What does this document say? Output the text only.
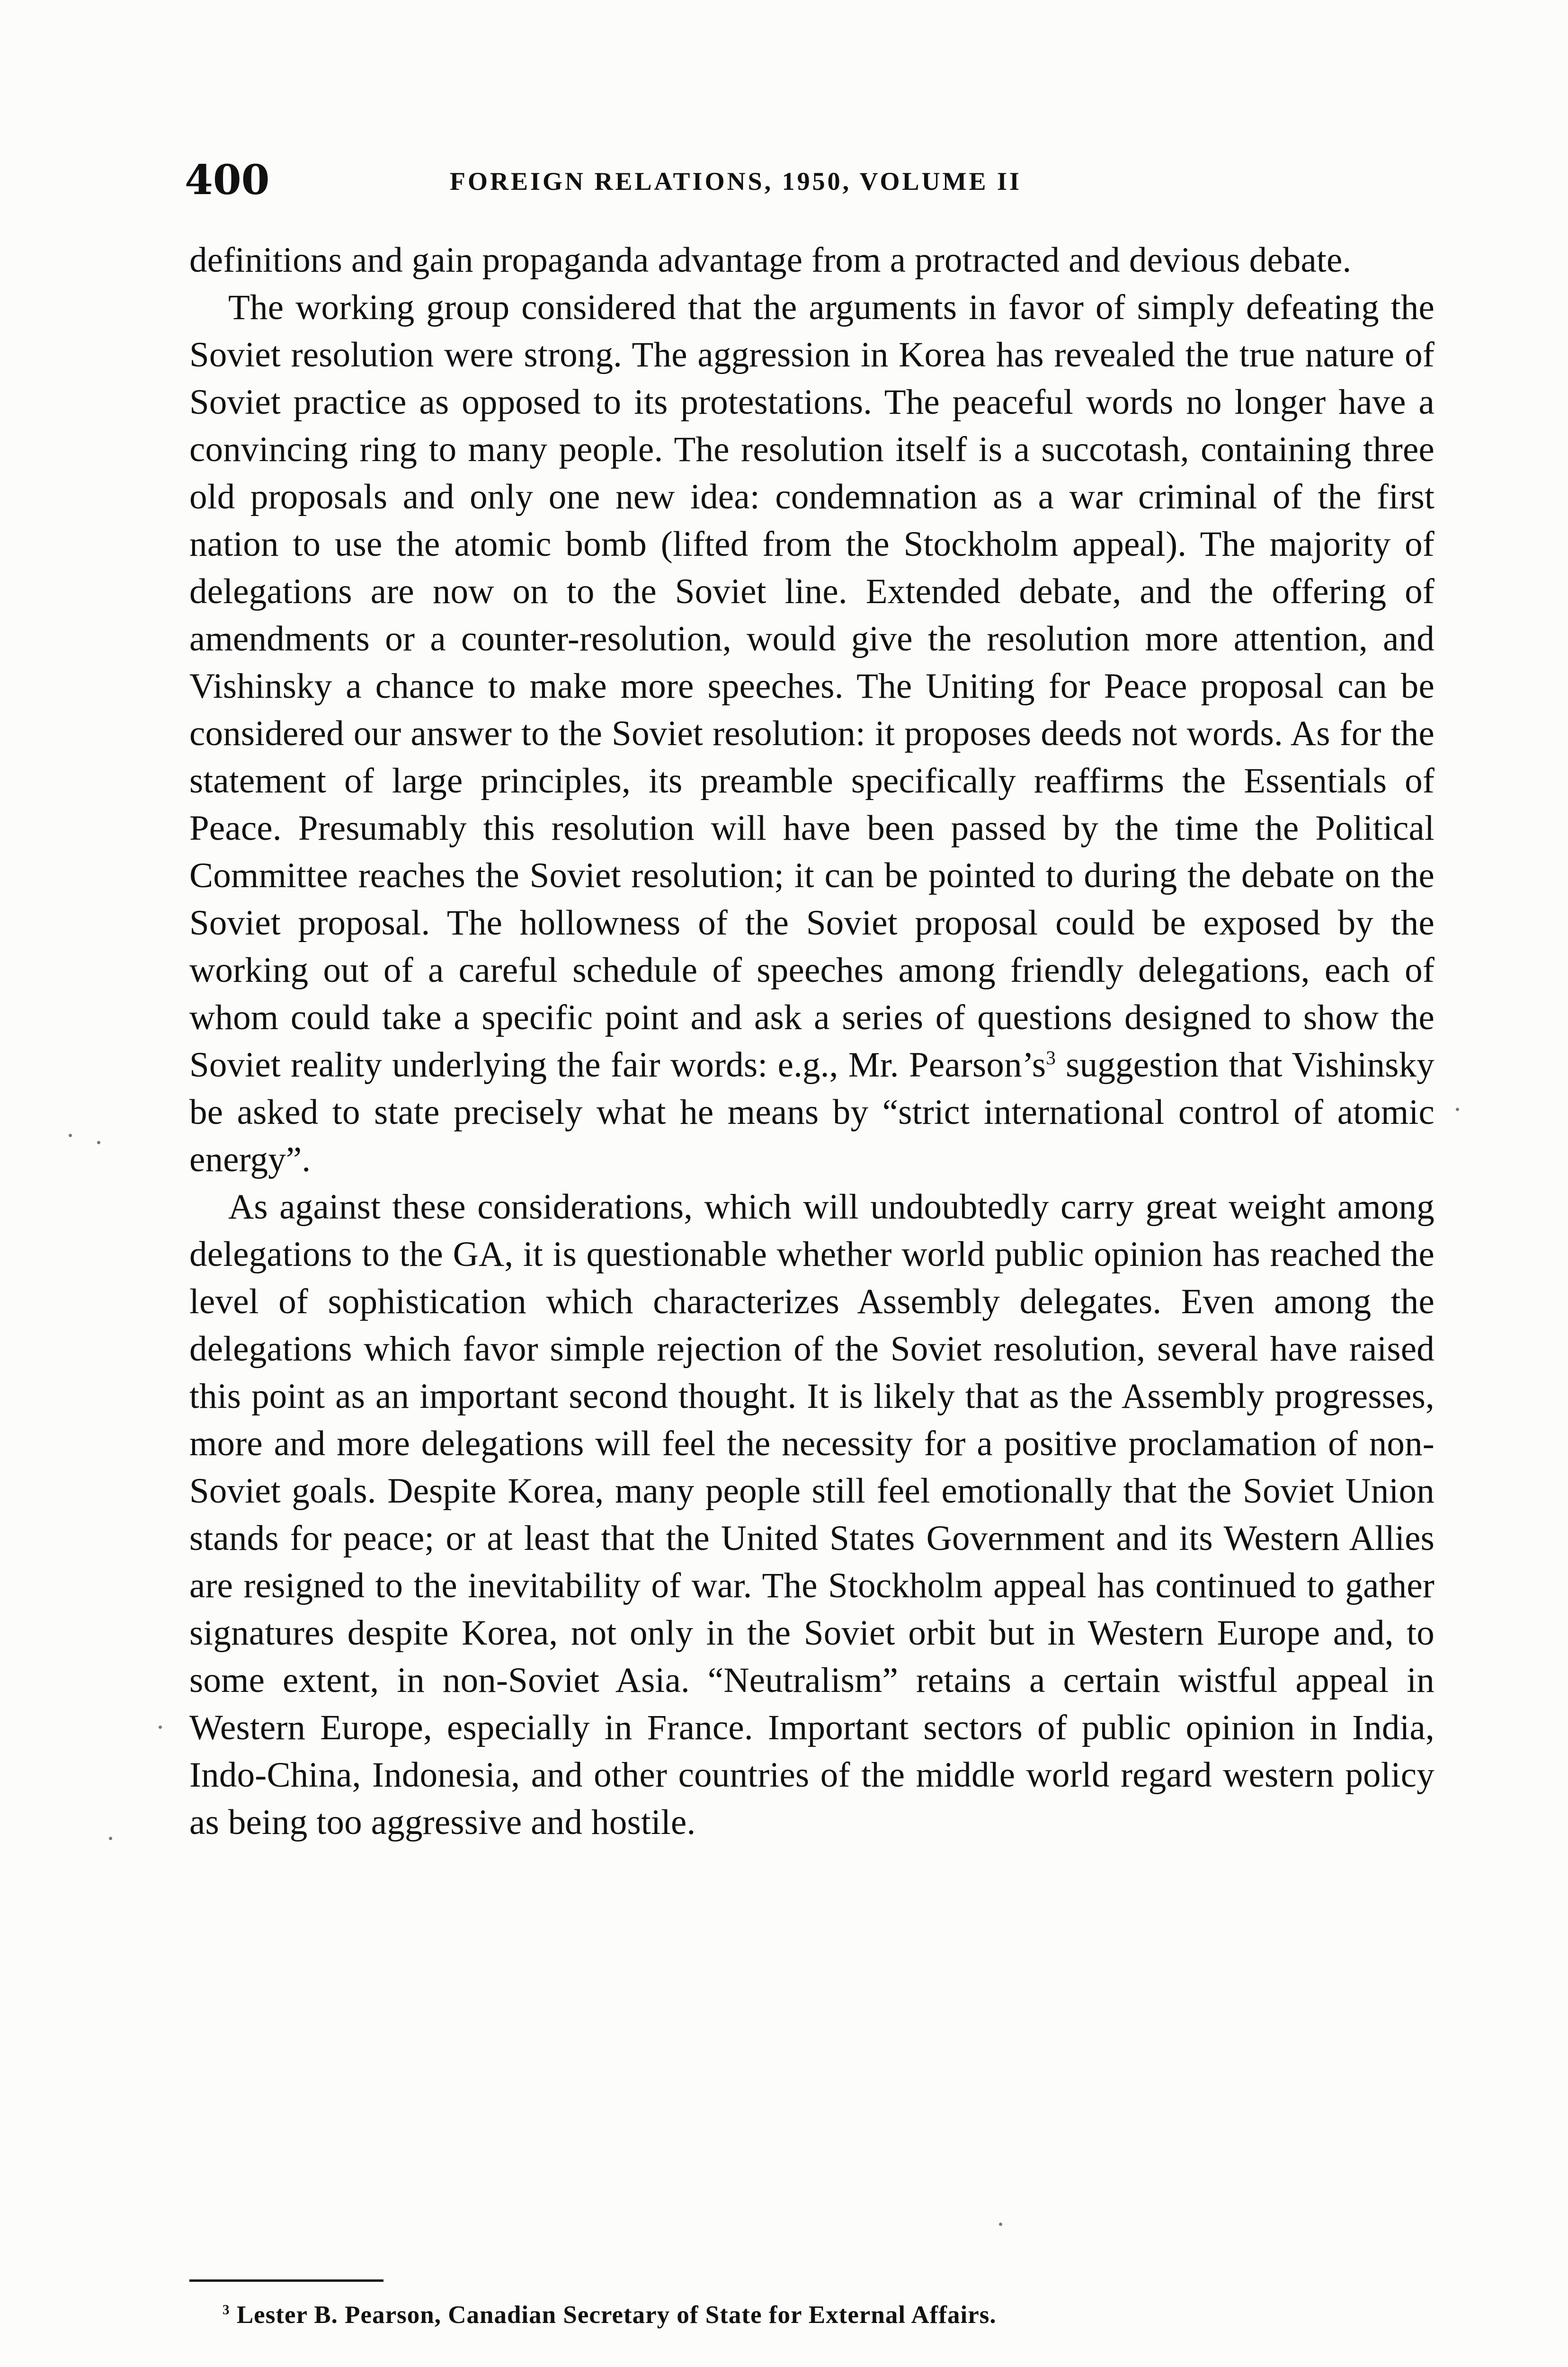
400	FOREIGN RELATIONS, 1950, VOLUME II

definitions and gain propaganda advantage from a protracted and devious debate.

The working group considered that the arguments in favor of simply defeating the Soviet resolution were strong. The aggression in Korea has revealed the true nature of Soviet practice as opposed to its protestations. The peaceful words no longer have a convincing ring to many people. The resolution itself is a succotash, containing three old proposals and only one new idea: condemnation as a war criminal of the first nation to use the atomic bomb (lifted from the Stockholm appeal). The majority of delegations are now on to the Soviet line. Extended debate, and the offering of amendments or a counter-resolution, would give the resolution more attention, and Vishinsky a chance to make more speeches. The Uniting for Peace proposal can be considered our answer to the Soviet resolution: it proposes deeds not words. As for the statement of large principles, its preamble specifically reaffirms the Essentials of Peace. Presumably this resolution will have been passed by the time the Political Committee reaches the Soviet resolution; it can be pointed to during the debate on the Soviet proposal. The hollowness of the Soviet proposal could be exposed by the working out of a careful schedule of speeches among friendly delegations, each of whom could take a specific point and ask a series of questions designed to show the Soviet reality underlying the fair words: e.g., Mr. $Pearson’s^3$ suggestion that Vishinsky be asked to state precisely what he means by “strict international control of atomic energy”.

As against these considerations, which will undoubtedly carry great weight among delegations to the GA, it is questionable whether world public opinion has reached the level of sophistication which characterizes Assembly delegates. Even among the delegations which favor simple rejection of the Soviet resolution, several have raised this point as an important second thought. It is likely that as the Assembly progresses, more and more delegations will feel the necessity for a positive proclamation of non-Soviet goals. Despite Korea, many people still feel emotionally that the Soviet Union stands for peace; or at least that the United States Government and its Western Allies are resigned to the inevitability of war. The Stockholm appeal has continued to gather signatures despite Korea, not only in the Soviet orbit but in Western Europe and, to some extent, in non-Soviet Asia. “Neutralism” retains a certain wistful appeal in Western Europe, especially in France. Important sectors of public opinion in India, Indo-China, Indonesia, and other countries of the middle world regard western policy as being too aggressive and hostile.

$^3$ Lester B. Pearson, Canadian Secretary of State for External Affairs.
